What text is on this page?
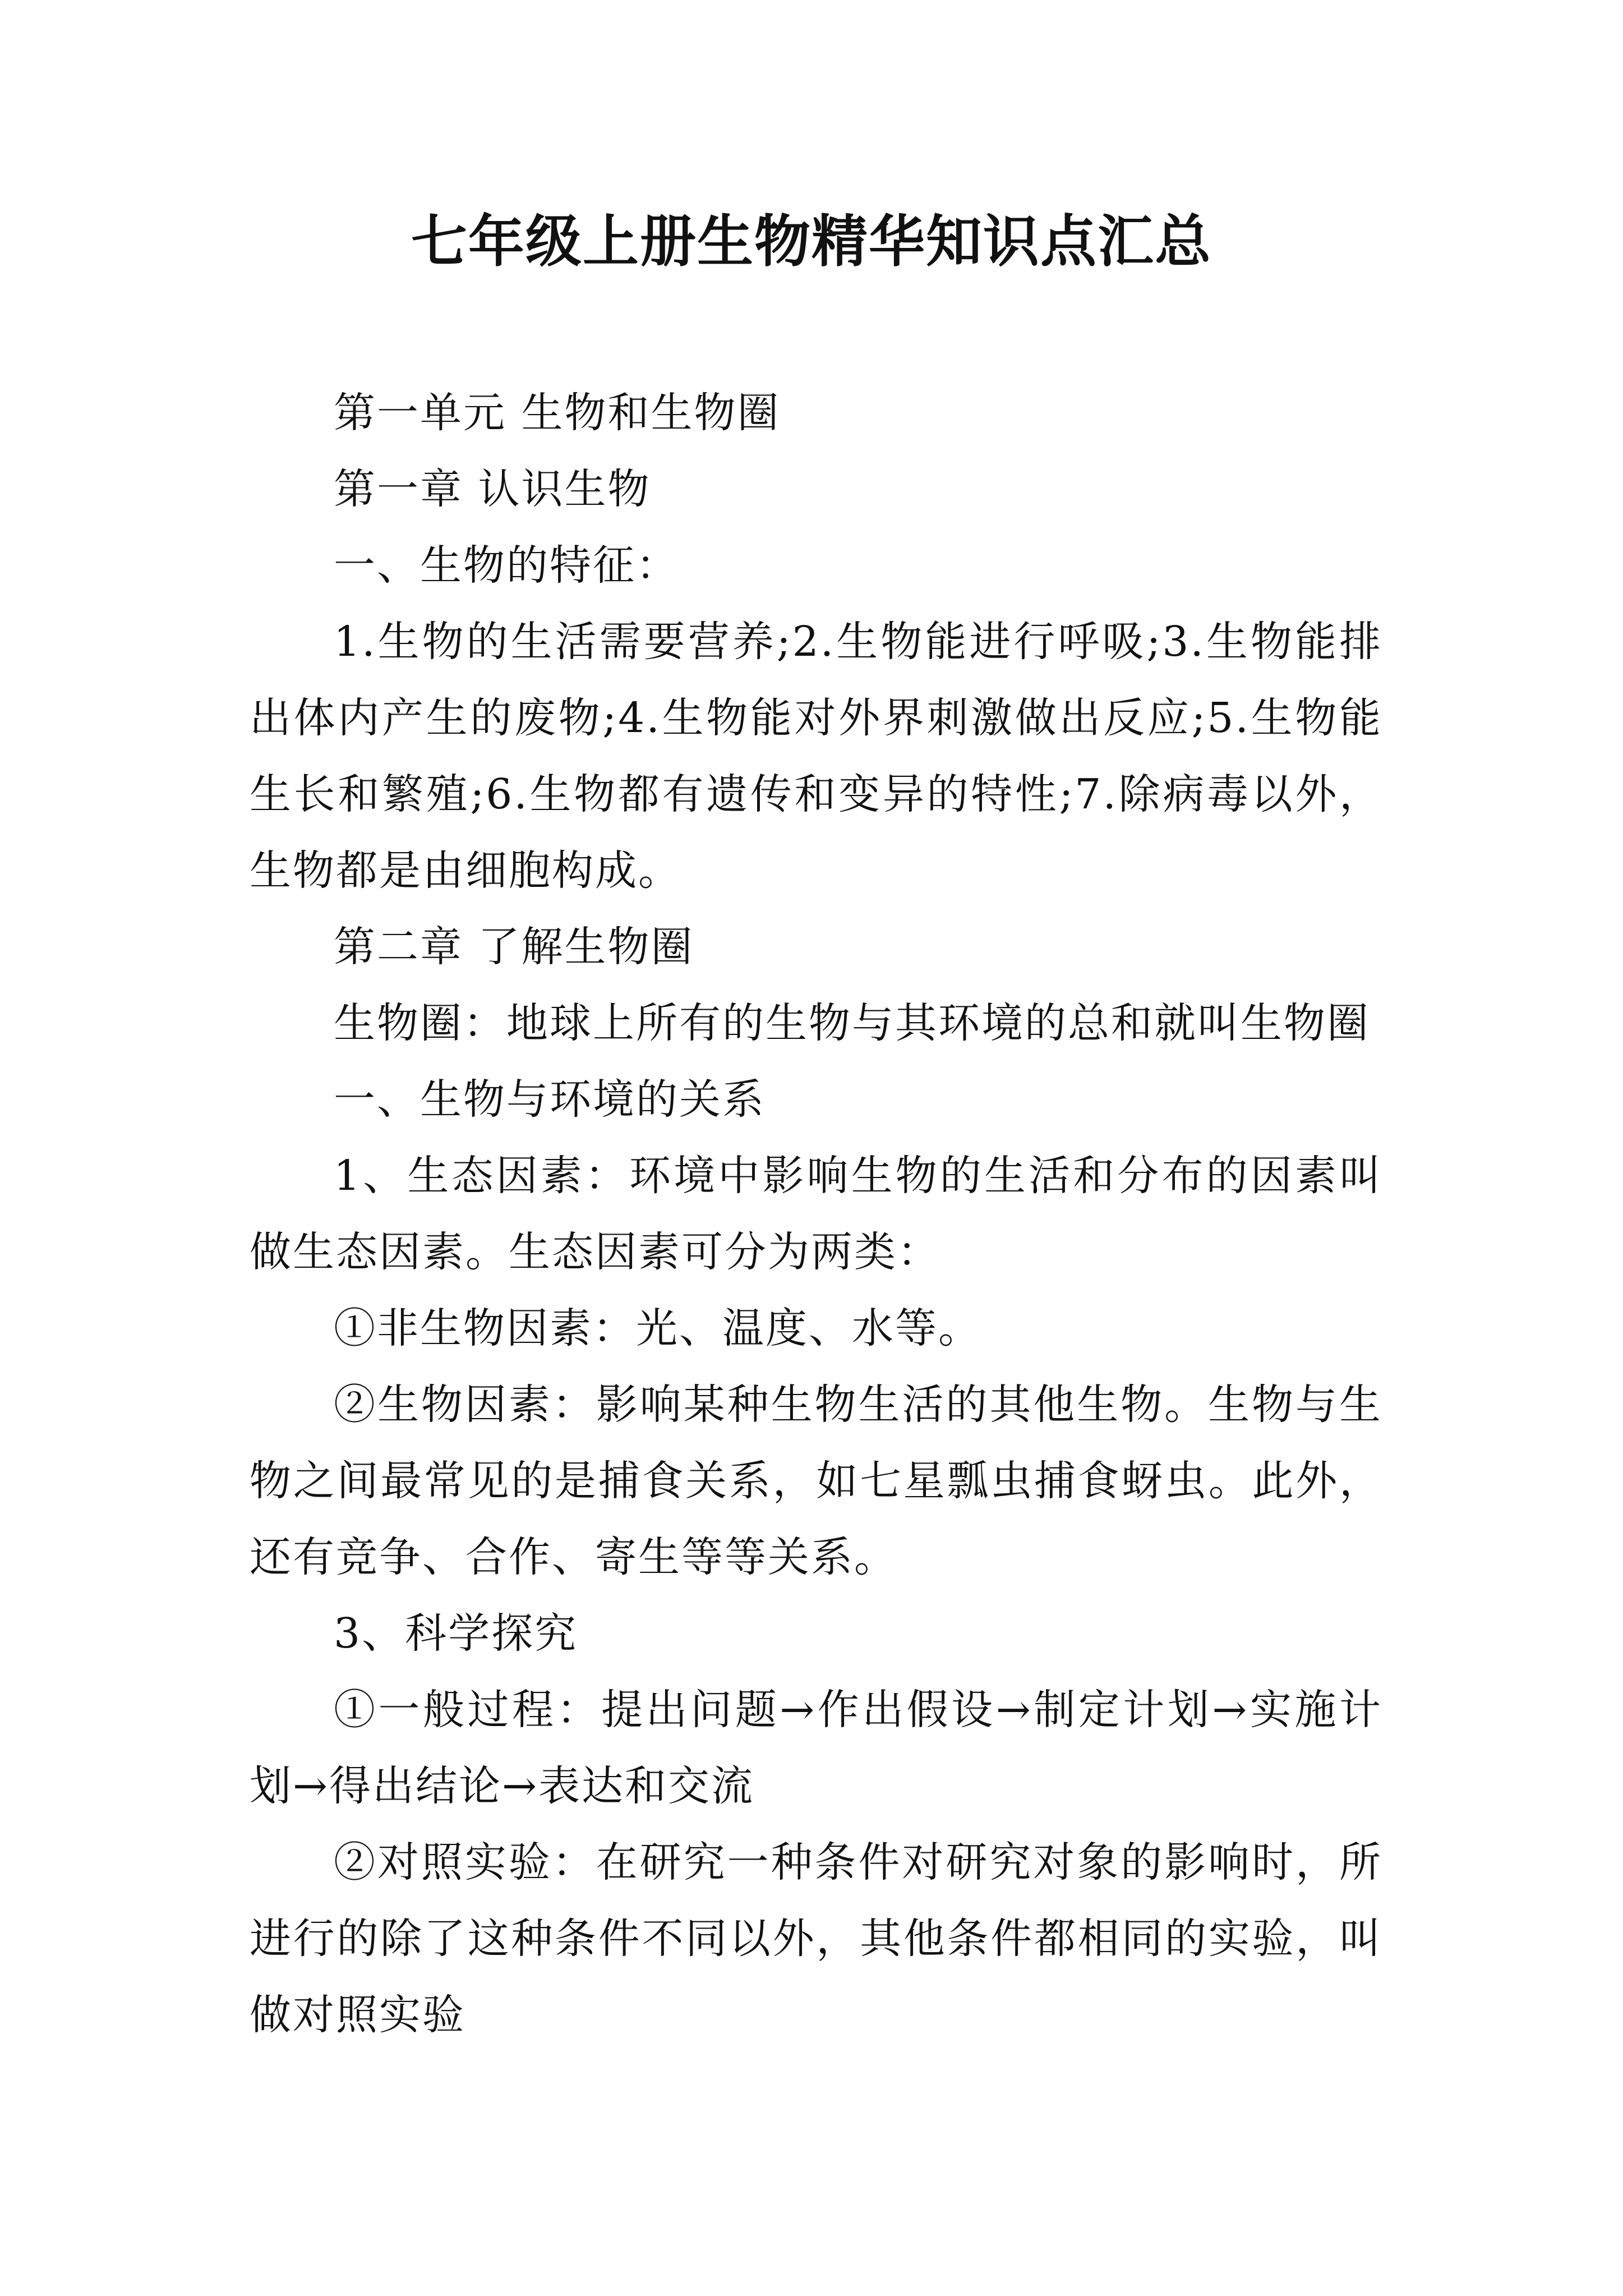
七年级上册生物精华知识点汇总

第一单元 生物和生物圈

第一章 认识生物

一、生物的特征：

1.生物的生活需要营养;2.生物能进行呼吸;3.生物能排出体内产生的废物;4.生物能对外界刺激做出反应;5.生物能生长和繁殖;6.生物都有遗传和变异的特性;7.除病毒以外，生物都是由细胞构成。

第二章 了解生物圈

生物圈：地球上所有的生物与其环境的总和就叫生物圈

一、生物与环境的关系

1、生态因素：环境中影响生物的生活和分布的因素叫做生态因素。生态因素可分为两类：

①非生物因素：光、温度、水等。

②生物因素：影响某种生物生活的其他生物。生物与生物之间最常见的是捕食关系，如七星瓢虫捕食蚜虫。此外，还有竞争、合作、寄生等等关系。

3、科学探究

①一般过程：提出问题→作出假设→制定计划→实施计划→得出结论→表达和交流

②对照实验：在研究一种条件对研究对象的影响时，所进行的除了这种条件不同以外，其他条件都相同的实验，叫做对照实验
